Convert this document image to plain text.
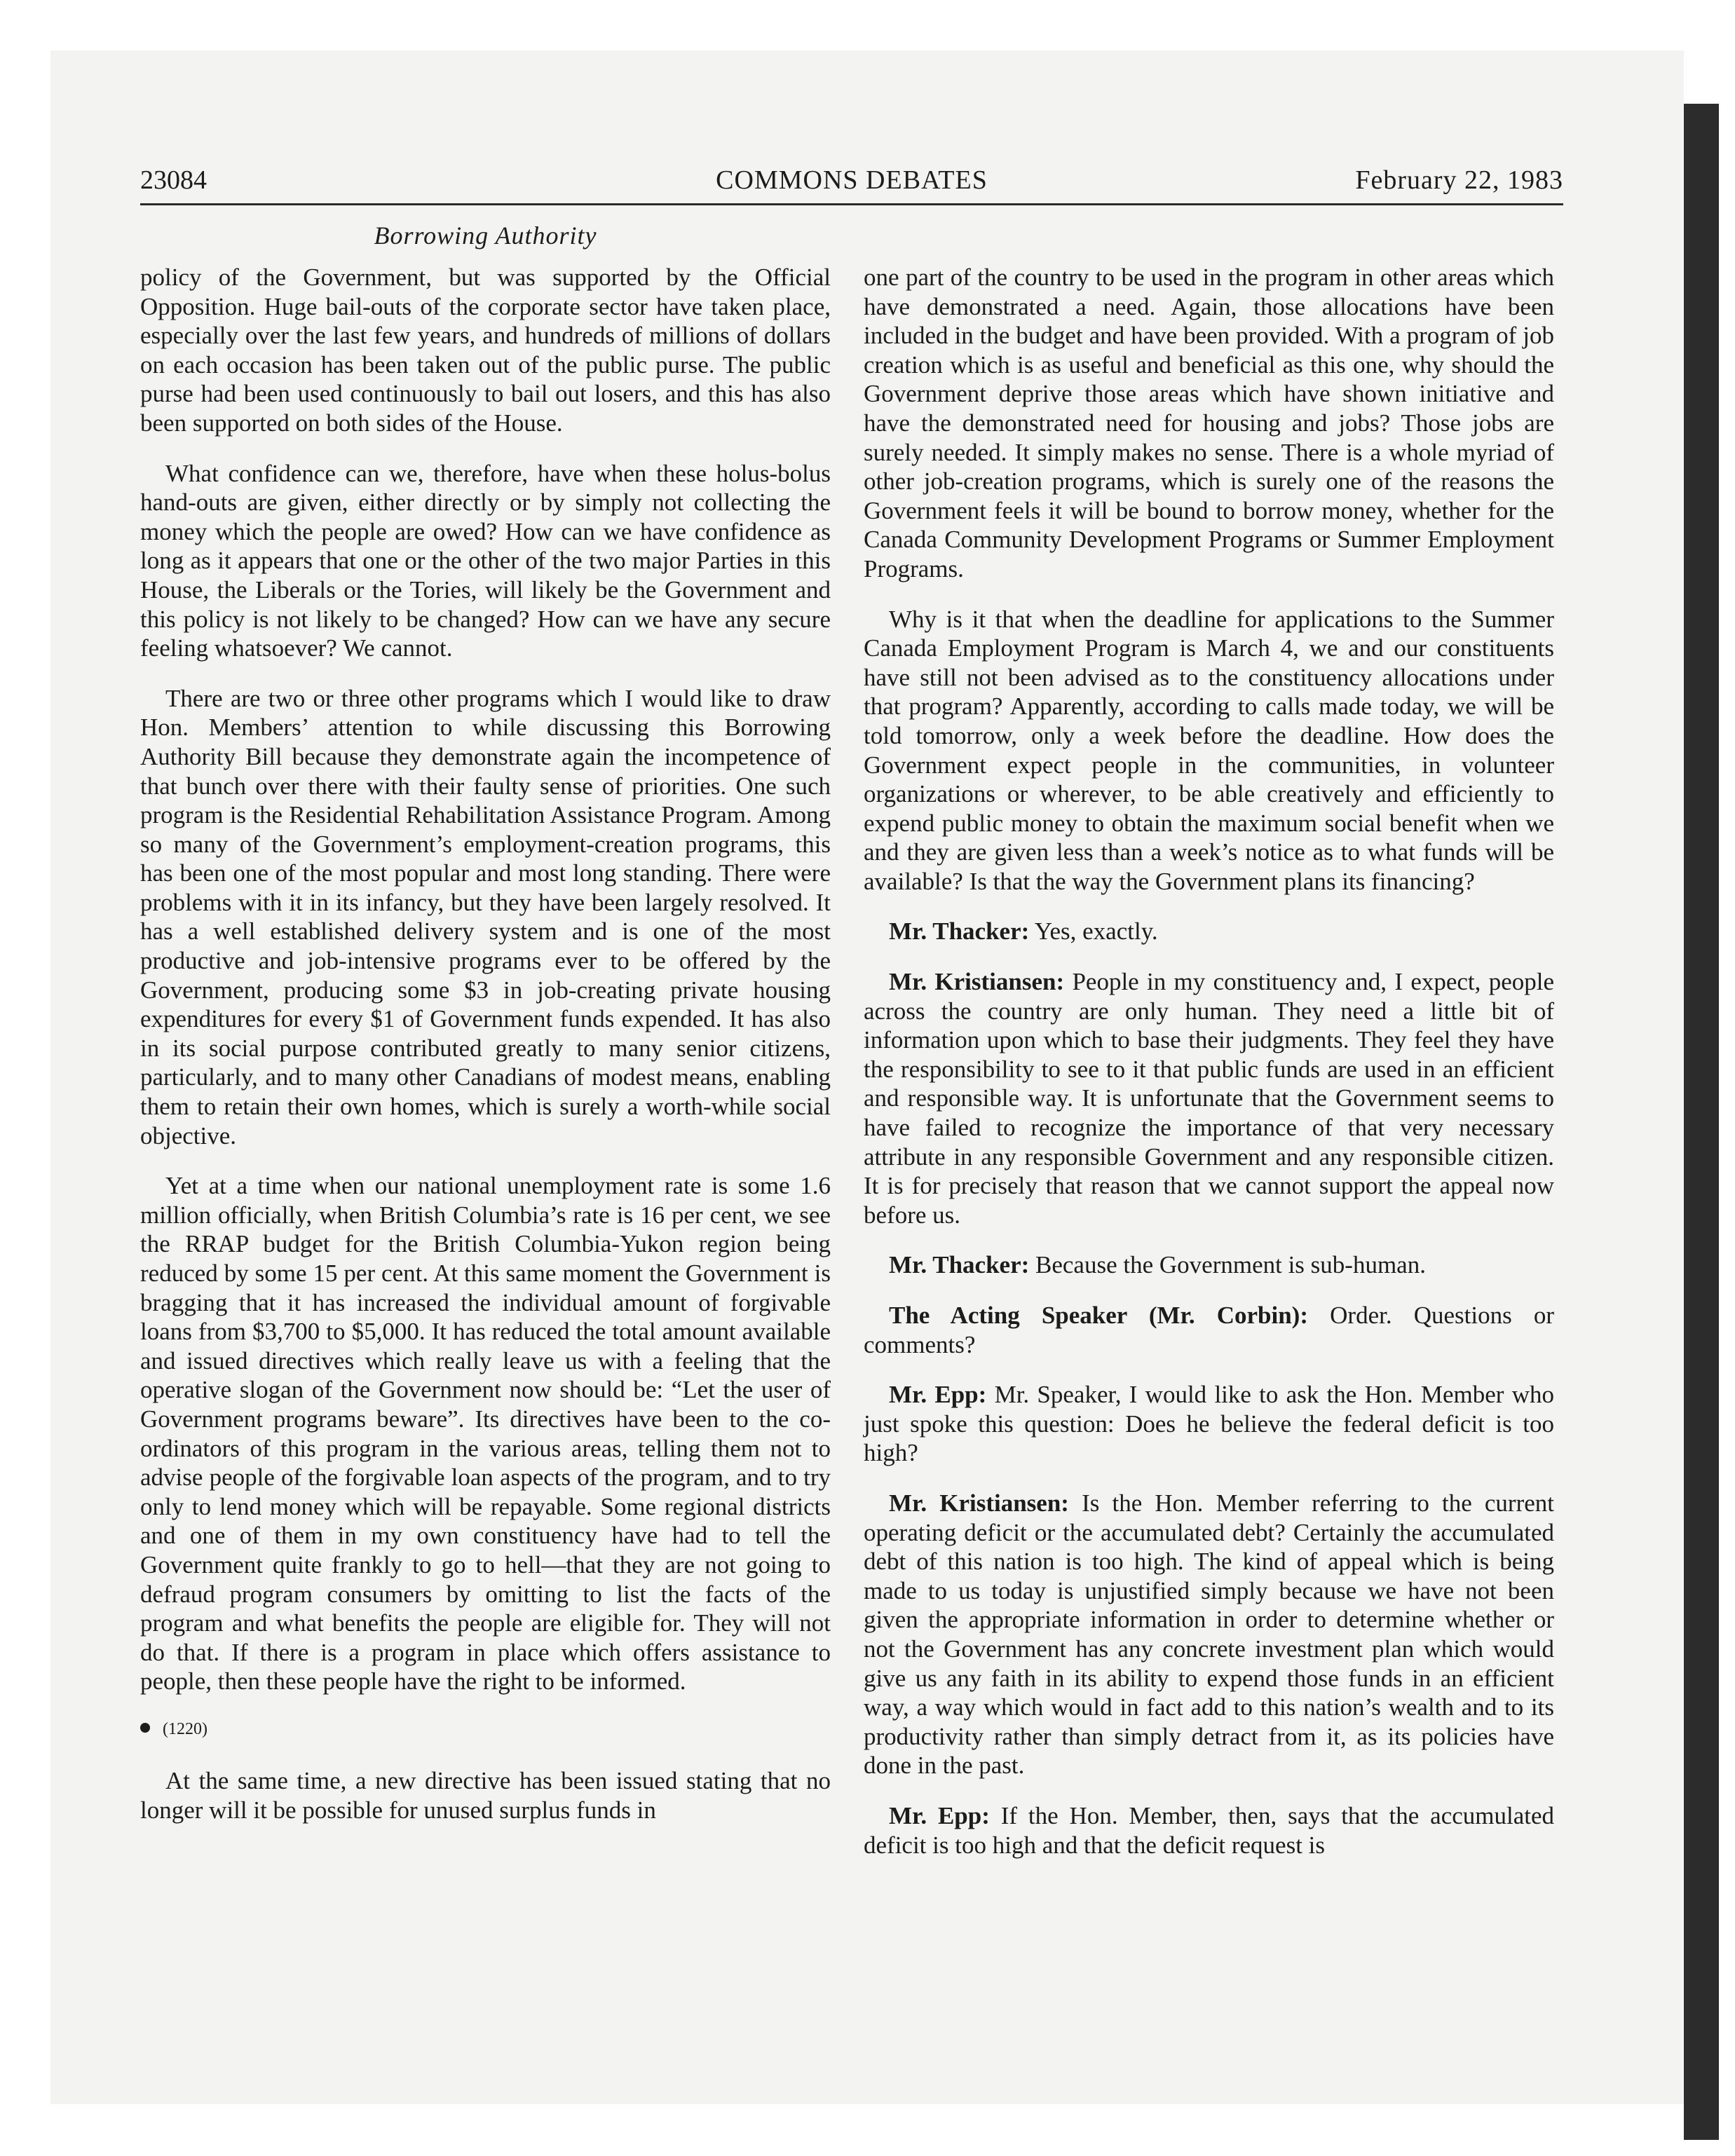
23084	COMMONS DEBATES	February 22, 1983
Borrowing Authority

policy of the Government, but was supported by the Official Opposition. Huge bail-outs of the corporate sector have taken place, especially over the last few years, and hundreds of millions of dollars on each occasion has been taken out of the public purse. The public purse had been used continuously to bail out losers, and this has also been supported on both sides of the House.

What confidence can we, therefore, have when these holus-bolus hand-outs are given, either directly or by simply not collecting the money which the people are owed? How can we have confidence as long as it appears that one or the other of the two major Parties in this House, the Liberals or the Tories, will likely be the Government and this policy is not likely to be changed? How can we have any secure feeling whatsoever? We cannot.

There are two or three other programs which I would like to draw Hon. Members’ attention to while discussing this Borrowing Authority Bill because they demonstrate again the incompetence of that bunch over there with their faulty sense of priorities. One such program is the Residential Rehabilitation Assistance Program. Among so many of the Government’s employment-creation programs, this has been one of the most popular and most long standing. There were problems with it in its infancy, but they have been largely resolved. It has a well established delivery system and is one of the most productive and job-intensive programs ever to be offered by the Government, producing some $3 in job-creating private housing expenditures for every $1 of Government funds expended. It has also in its social purpose contributed greatly to many senior citizens, particularly, and to many other Canadians of modest means, enabling them to retain their own homes, which is surely a worth-while social objective.

Yet at a time when our national unemployment rate is some 1.6 million officially, when British Columbia’s rate is 16 per cent, we see the RRAP budget for the British Columbia-Yukon region being reduced by some 15 per cent. At this same moment the Government is bragging that it has increased the individual amount of forgivable loans from $3,700 to $5,000. It has reduced the total amount available and issued directives which really leave us with a feeling that the operative slogan of the Government now should be: “Let the user of Government programs beware”. Its directives have been to the co-ordinators of this program in the various areas, telling them not to advise people of the forgivable loan aspects of the program, and to try only to lend money which will be repayable. Some regional districts and one of them in my own constituency have had to tell the Government quite frankly to go to hell—that they are not going to defraud program consumers by omitting to list the facts of the program and what benefits the people are eligible for. They will not do that. If there is a program in place which offers assistance to people, then these people have the right to be informed.

(1220)

At the same time, a new directive has been issued stating that no longer will it be possible for unused surplus funds in

one part of the country to be used in the program in other areas which have demonstrated a need. Again, those allocations have been included in the budget and have been provided. With a program of job creation which is as useful and beneficial as this one, why should the Government deprive those areas which have shown initiative and have the demonstrated need for housing and jobs? Those jobs are surely needed. It simply makes no sense. There is a whole myriad of other job-creation programs, which is surely one of the reasons the Government feels it will be bound to borrow money, whether for the Canada Community Development Programs or Summer Employment Programs.

Why is it that when the deadline for applications to the Summer Canada Employment Program is March 4, we and our constituents have still not been advised as to the constituency allocations under that program? Apparently, according to calls made today, we will be told tomorrow, only a week before the deadline. How does the Government expect people in the communities, in volunteer organizations or wherever, to be able creatively and efficiently to expend public money to obtain the maximum social benefit when we and they are given less than a week’s notice as to what funds will be available? Is that the way the Government plans its financing?

Mr. Thacker: Yes, exactly.

Mr. Kristiansen: People in my constituency and, I expect, people across the country are only human. They need a little bit of information upon which to base their judgments. They feel they have the responsibility to see to it that public funds are used in an efficient and responsible way. It is unfortunate that the Government seems to have failed to recognize the importance of that very necessary attribute in any responsible Government and any responsible citizen. It is for precisely that reason that we cannot support the appeal now before us.

Mr. Thacker: Because the Government is sub-human.

The Acting Speaker (Mr. Corbin): Order. Questions or comments?

Mr. Epp: Mr. Speaker, I would like to ask the Hon. Member who just spoke this question: Does he believe the federal deficit is too high?

Mr. Kristiansen: Is the Hon. Member referring to the current operating deficit or the accumulated debt? Certainly the accumulated debt of this nation is too high. The kind of appeal which is being made to us today is unjustified simply because we have not been given the appropriate information in order to determine whether or not the Government has any concrete investment plan which would give us any faith in its ability to expend those funds in an efficient way, a way which would in fact add to this nation’s wealth and to its productivity rather than simply detract from it, as its policies have done in the past.

Mr. Epp: If the Hon. Member, then, says that the accumulated deficit is too high and that the deficit request is
